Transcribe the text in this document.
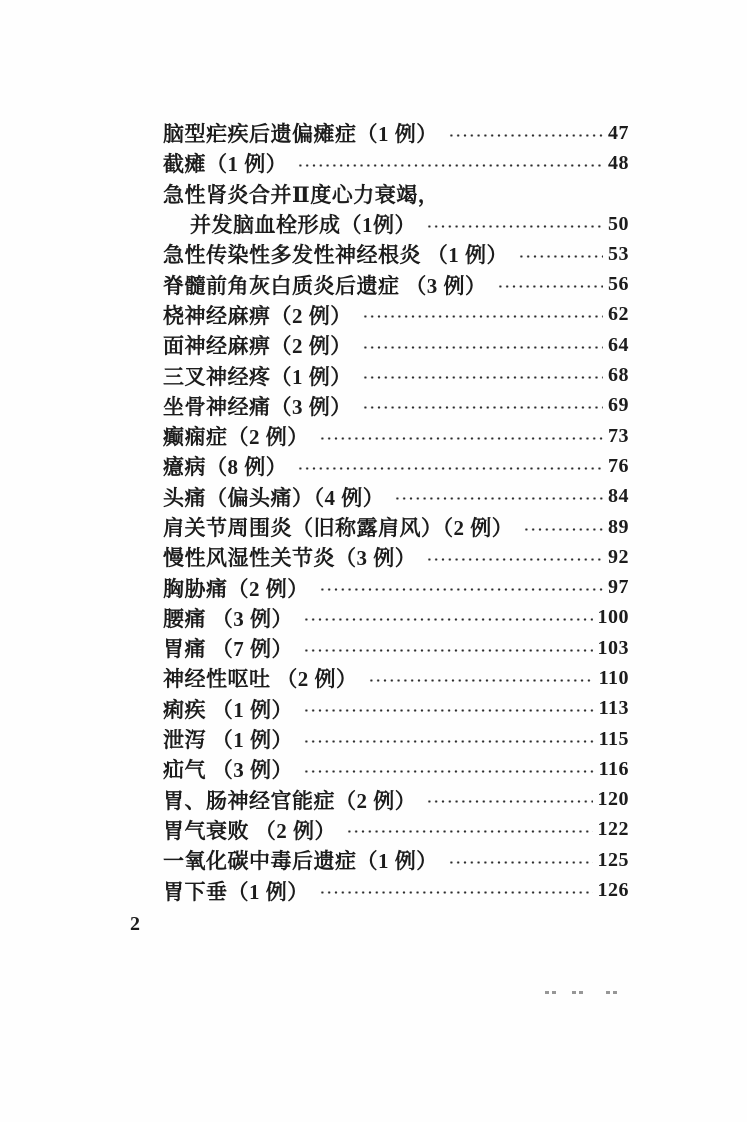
脑型疟疾后遗偏瘫症（1 例）	47
截瘫（1 例）	48
急性肾炎合并Ⅱ度心力衰竭，
并发脑血栓形成（1例）	50
急性传染性多发性神经根炎 （1 例）	53
脊髓前角灰白质炎后遗症 （3 例）	56
桡神经麻痹（2 例）	62
面神经麻痹（2 例）	64
三叉神经疼（1 例）	68
坐骨神经痛（3 例）	69
癫痫症（2 例）	73
癔病（8 例）	76
头痛（偏头痛）（4 例）	84
肩关节周围炎（旧称露肩风）（2 例）	89
慢性风湿性关节炎（3 例）	92
胸胁痛（2 例）	97
腰痛 （3 例）	100
胃痛 （7 例）	103
神经性呕吐 （2 例）	110
痢疾 （1 例）	113
泄泻 （1 例）	115
疝气 （3 例）	116
胃、肠神经官能症（2 例）	120
胃气衰败 （2 例）	122
一氧化碳中毒后遗症（1 例）	125
胃下垂（1 例）	126
2
